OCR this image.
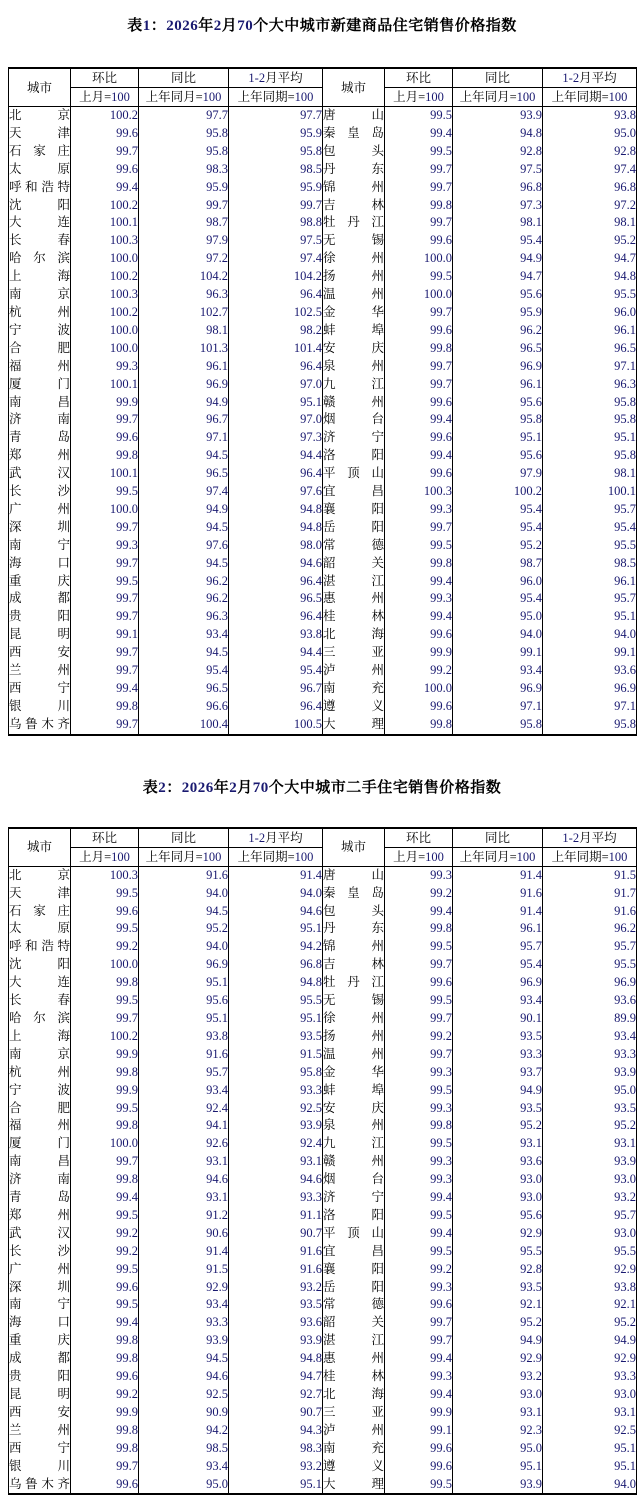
表1：2026年2月70个大中城市新建商品住宅销售价格指数
城市	环比	同比	1-2月平均	城市	环比	同比	1-2月平均
	上月=100	上年同月=100	上年同期=100		上月=100	上年同月=100	上年同期=100
北京	100.2	97.7	97.7	唐山	99.5	93.9	93.8
天津	99.6	95.8	95.9	秦皇岛	99.4	94.8	95.0
石家庄	99.7	95.8	95.8	包头	99.5	92.8	92.8
太原	99.6	98.3	98.5	丹东	99.7	97.5	97.4
呼和浩特	99.4	95.9	95.9	锦州	99.7	96.8	96.8
沈阳	100.2	99.7	99.7	吉林	99.8	97.3	97.2
大连	100.1	98.7	98.8	牡丹江	99.7	98.1	98.1
长春	100.3	97.9	97.5	无锡	99.6	95.4	95.2
哈尔滨	100.0	97.2	97.4	徐州	100.0	94.9	94.7
上海	100.2	104.2	104.2	扬州	99.5	94.7	94.8
南京	100.3	96.3	96.4	温州	100.0	95.6	95.5
杭州	100.2	102.7	102.5	金华	99.7	95.9	96.0
宁波	100.0	98.1	98.2	蚌埠	99.6	96.2	96.1
合肥	100.0	101.3	101.4	安庆	99.8	96.5	96.5
福州	99.3	96.1	96.4	泉州	99.7	96.9	97.1
厦门	100.1	96.9	97.0	九江	99.7	96.1	96.3
南昌	99.9	94.9	95.1	赣州	99.6	95.6	95.8
济南	99.7	96.7	97.0	烟台	99.4	95.8	95.8
青岛	99.6	97.1	97.3	济宁	99.6	95.1	95.1
郑州	99.8	94.5	94.4	洛阳	99.4	95.6	95.8
武汉	100.1	96.5	96.4	平顶山	99.6	97.9	98.1
长沙	99.5	97.4	97.6	宜昌	100.3	100.2	100.1
广州	100.0	94.9	94.8	襄阳	99.3	95.4	95.7
深圳	99.7	94.5	94.8	岳阳	99.7	95.4	95.4
南宁	99.3	97.6	98.0	常德	99.5	95.2	95.5
海口	99.7	94.5	94.6	韶关	99.8	98.7	98.5
重庆	99.5	96.2	96.4	湛江	99.4	96.0	96.1
成都	99.7	96.2	96.5	惠州	99.3	95.4	95.7
贵阳	99.7	96.3	96.4	桂林	99.4	95.0	95.1
昆明	99.1	93.4	93.8	北海	99.6	94.0	94.0
西安	99.7	94.5	94.4	三亚	99.9	99.1	99.1
兰州	99.7	95.4	95.4	泸州	99.2	93.4	93.6
西宁	99.4	96.5	96.7	南充	100.0	96.9	96.9
银川	99.8	96.6	96.4	遵义	99.6	97.1	97.1
乌鲁木齐	99.7	100.4	100.5	大理	99.8	95.8	95.8
表2：2026年2月70个大中城市二手住宅销售价格指数
城市	环比	同比	1-2月平均	城市	环比	同比	1-2月平均
	上月=100	上年同月=100	上年同期=100		上月=100	上年同月=100	上年同期=100
北京	100.3	91.6	91.4	唐山	99.3	91.4	91.5
天津	99.5	94.0	94.0	秦皇岛	99.2	91.6	91.7
石家庄	99.6	94.5	94.6	包头	99.4	91.4	91.6
太原	99.5	95.2	95.1	丹东	99.8	96.1	96.2
呼和浩特	99.2	94.0	94.2	锦州	99.5	95.7	95.7
沈阳	100.0	96.9	96.8	吉林	99.7	95.4	95.5
大连	99.8	95.1	94.8	牡丹江	99.6	96.9	96.9
长春	99.5	95.6	95.5	无锡	99.5	93.4	93.6
哈尔滨	99.7	95.1	95.1	徐州	99.7	90.1	89.9
上海	100.2	93.8	93.5	扬州	99.2	93.5	93.4
南京	99.9	91.6	91.5	温州	99.7	93.3	93.3
杭州	99.8	95.7	95.8	金华	99.3	93.7	93.9
宁波	99.9	93.4	93.3	蚌埠	99.5	94.9	95.0
合肥	99.5	92.4	92.5	安庆	99.3	93.5	93.5
福州	99.8	94.1	93.9	泉州	99.8	95.2	95.2
厦门	100.0	92.6	92.4	九江	99.5	93.1	93.1
南昌	99.7	93.1	93.1	赣州	99.3	93.6	93.9
济南	99.8	94.6	94.6	烟台	99.3	93.0	93.0
青岛	99.4	93.1	93.3	济宁	99.4	93.0	93.2
郑州	99.5	91.2	91.1	洛阳	99.5	95.6	95.7
武汉	99.2	90.6	90.7	平顶山	99.4	92.9	93.0
长沙	99.2	91.4	91.6	宜昌	99.5	95.5	95.5
广州	99.5	91.5	91.6	襄阳	99.2	92.8	92.9
深圳	99.6	92.9	93.2	岳阳	99.3	93.5	93.8
南宁	99.5	93.4	93.5	常德	99.6	92.1	92.1
海口	99.4	93.3	93.6	韶关	99.7	95.2	95.2
重庆	99.8	93.9	93.9	湛江	99.7	94.9	94.9
成都	99.8	94.5	94.8	惠州	99.4	92.9	92.9
贵阳	99.6	94.6	94.7	桂林	99.3	93.2	93.3
昆明	99.2	92.5	92.7	北海	99.4	93.0	93.0
西安	99.9	90.9	90.7	三亚	99.9	93.1	93.1
兰州	99.8	94.2	94.3	泸州	99.1	92.3	92.5
西宁	99.8	98.5	98.3	南充	99.6	95.0	95.1
银川	99.7	93.4	93.2	遵义	99.6	95.1	95.1
乌鲁木齐	99.6	95.0	95.1	大理	99.5	93.9	94.0
